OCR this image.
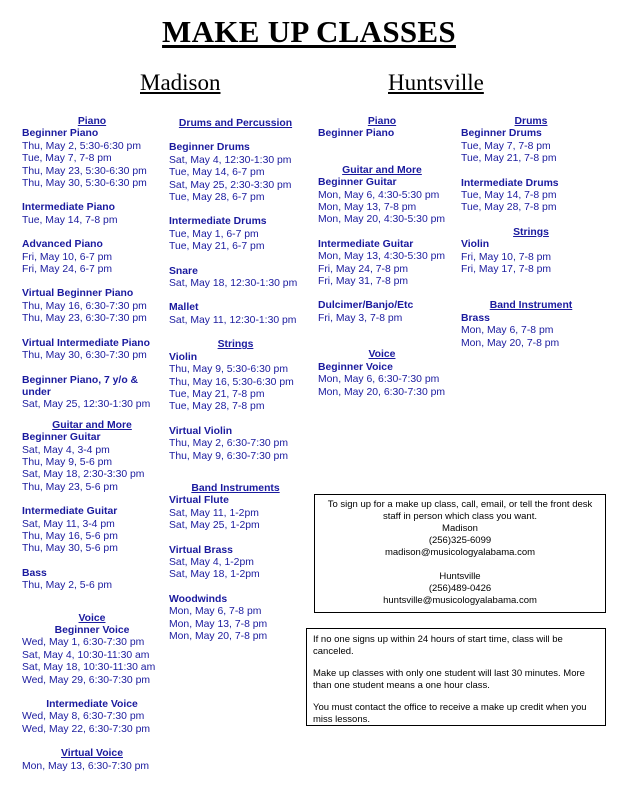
MAKE UP CLASSES
Madison	Huntsville
Piano
Beginner Piano
Thu, May 2, 5:30-6:30 pm
Tue, May 7, 7-8 pm
Thu, May 23, 5:30-6:30 pm
Thu, May 30, 5:30-6:30 pm
Intermediate Piano
Tue, May 14, 7-8 pm
Advanced Piano
Fri, May 10, 6-7 pm
Fri, May 24, 6-7 pm
Virtual Beginner Piano
Thu, May 16, 6:30-7:30 pm
Thu, May 23, 6:30-7:30 pm
Virtual Intermediate Piano
Thu, May 30, 6:30-7:30 pm
Beginner Piano, 7 y/o &
under
Sat, May 25, 12:30-1:30 pm
Guitar and More
Beginner Guitar
Sat, May 4, 3-4 pm
Thu, May 9, 5-6 pm
Sat, May 18, 2:30-3:30 pm
Thu, May 23, 5-6 pm
Intermediate Guitar
Sat, May 11, 3-4 pm
Thu, May 16, 5-6 pm
Thu, May 30, 5-6 pm
Bass
Thu, May 2, 5-6 pm
Voice
Beginner Voice
Wed, May 1, 6:30-7:30 pm
Sat, May 4, 10:30-11:30 am
Sat, May 18, 10:30-11:30 am
Wed, May 29, 6:30-7:30 pm
Intermediate Voice
Wed, May 8, 6:30-7:30 pm
Wed, May 22, 6:30-7:30 pm
Virtual Voice
Mon, May 13, 6:30-7:30 pm
Drums and Percussion
Beginner Drums
Sat, May 4, 12:30-1:30 pm
Tue, May 14, 6-7 pm
Sat, May 25, 2:30-3:30 pm
Tue, May 28, 6-7 pm
Intermediate Drums
Tue, May 1, 6-7 pm
Tue, May 21, 6-7 pm
Snare
Sat, May 18, 12:30-1:30 pm
Mallet
Sat, May 11, 12:30-1:30 pm
Strings
Violin
Thu, May 9, 5:30-6:30 pm
Thu, May 16, 5:30-6:30 pm
Tue, May 21, 7-8 pm
Tue, May 28, 7-8 pm
Virtual Violin
Thu, May 2, 6:30-7:30 pm
Thu, May 9, 6:30-7:30 pm
Band Instruments
Virtual Flute
Sat, May 11, 1-2pm
Sat, May 25, 1-2pm
Virtual Brass
Sat, May 4, 1-2pm
Sat, May 18, 1-2pm
Woodwinds
Mon, May 6, 7-8 pm
Mon, May 13, 7-8 pm
Mon, May 20, 7-8 pm
Piano
Beginner Piano
Guitar and More
Beginner Guitar
Mon, May 6, 4:30-5:30 pm
Mon, May 13, 7-8 pm
Mon, May 20, 4:30-5:30 pm
Intermediate Guitar
Mon, May 13, 4:30-5:30 pm
Fri, May 24, 7-8 pm
Fri, May 31, 7-8 pm
Dulcimer/Banjo/Etc
Fri, May 3, 7-8 pm
Voice
Beginner Voice
Mon, May 6, 6:30-7:30 pm
Mon, May 20, 6:30-7:30 pm
Drums
Beginner Drums
Tue, May 7, 7-8 pm
Tue, May 21, 7-8 pm
Intermediate Drums
Tue, May 14, 7-8 pm
Tue, May 28, 7-8 pm
Strings
Violin
Fri, May 10, 7-8 pm
Fri, May 17, 7-8 pm
Band Instrument
Brass
Mon, May 6, 7-8 pm
Mon, May 20, 7-8 pm
To sign up for a make up class, call, email, or tell the front desk
staff in person which class you want.
Madison
(256)325-6099
madison@musicologyalabama.com
Huntsville
(256)489-0426
huntsville@musicologyalabama.com

If no one signs up within 24 hours of start time, class will be canceled.

Make up classes with only one student will last 30 minutes. More than one student means a one hour class.

You must contact the office to receive a make up credit when you miss lessons.
